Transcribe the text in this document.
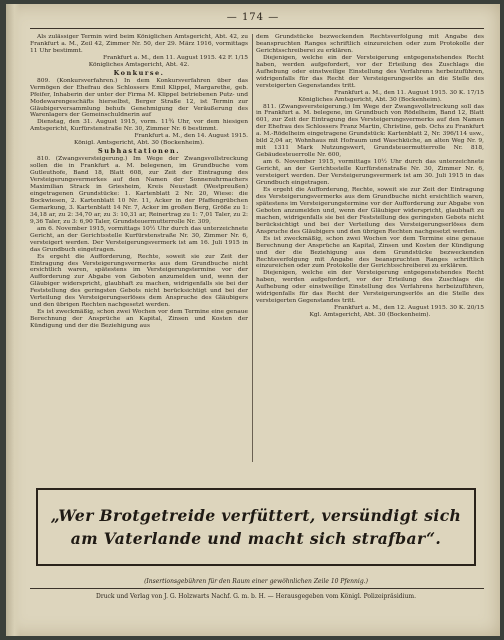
— 174 —

Als zulässiger Termin wird beim Königlichen Amtsgericht, Abt. 42, zu Frankfurt a. M., Zeil 42, Zimmer Nr. 50, der 29. März 1916, vormittags 11 Uhr bestimmt.

Frankfurt a. M., den 11. August 1915. 42 F. 1/15

Königliches Amtsgericht, Abt. 42.

Konkurse.

809. (Konkursverfahren.) In dem Konkursverfahren über das Vermögen der Ehefrau des Schlossers Emil Klippel, Margarethe, geb. Pfeifer, Inhaberin der unter der Firma M. Klippel betriebenen Putz- und Modewarengeschäfts hierselbst, Berger Straße 12, ist Termin zur Gläubigerversammlung behufs Genehmigung der Veräußerung des Warenlagers der Gemeinschuldnerin auf

Dienstag, den 31. August 1915, vorm. 11¾ Uhr, vor dem hiesigen Amtsgericht, Kurfürstenstraße Nr. 30, Zimmer Nr. 6 bestimmt.

Frankfurt a. M., den 14. August 1915.

Königl. Amtsgericht, Abt. 30 (Bockenheim).

Subhastationen.

810. (Zwangsversteigerung.) Im Wege der Zwangsvollstreckung sollen die in Frankfurt a. M. belegenen, im Grundbuche vom Gutleuthofe, Band 18, Blatt 608, zur Zeit der Eintragung des Versteigerungsvermerkes auf den Namen der Sonnenuhrmachers Maximilian Strack in Griesheim, Kreis Neustadt (Westpreußen) eingetragenen Grundstücke: 1. Kartenblatt 2 Nr. 20, Wiese: die Bockwiesen, 2. Kartenblatt 10 Nr. 11, Acker in der Pfaffengrübchen Gemarkung, 3. Kartenblatt 14 Nr. 7, Acker im großen Berg, Größe zu 1: 34,18 ar, zu 2: 34,70 ar, zu 3: 10,31 ar, Reinertrag zu 1: 7,01 Taler, zu 2: 9,36 Taler, zu 3: 6,90 Taler, Grundsteuermutterrolle Nr. 309,

am 6. November 1915, vormittags 10½ Uhr durch das unterzeichnete Gericht, an der Gerichtsstelle Kurfürstenstraße Nr. 30, Zimmer Nr. 6, versteigert werden. Der Versteigerungsvermerk ist am 16. Juli 1915 in das Grundbuch eingetragen.

Es ergeht die Aufforderung, Rechte, soweit sie zur Zeit der Eintragung des Versteigerungsvermerks aus dem Grundbuche nicht ersichtlich waren, spätestens im Versteigerungstermine vor der Aufforderung zur Abgabe von Geboten anzumelden und, wenn der Gläubiger widerspricht, glaubhaft zu machen, widrigenfalls sie bei der Feststellung des geringsten Gebots nicht berücksichtigt und bei der Verteilung des Versteigerungserlöses dem Anspruche des Gläubigers und den übrigen Rechten nachgesetzt werden.

Es ist zweckmäßig, schon zwei Wochen vor dem Termine eine genaue Berechnung der Ansprüche an Kapital, Zinsen und Kosten der Kündigung und der die Beziehigung aus

dem Grundstücke bezweckenden Rechtsverfolgung mit Angabe des beanspruchten Ranges schriftlich einzureichen oder zum Protokolle der Gerichtsschreiberei zu erklären.

Diejenigen, welche ein der Versteigerung entgegenstehendes Recht haben, werden aufgefordert, vor der Erteilung des Zuschlags die Aufhebung oder einstweilige Einstellung des Verfahrens herbeizuführen, widrigenfalls für das Recht der Versteigerungserlös an die Stelle des versteigerten Gegenstandes tritt.

Frankfurt a. M., den 11. August 1915. 30 K. 17/15

Königliches Amtsgericht, Abt. 30 (Bockenheim).

811. (Zwangsversteigerung.) Im Wege der Zwangsvollstreckung soll das in Frankfurt a. M. belegene, im Grundbuch von Rödelheim, Band 12, Blatt 601, zur Zeit der Eintragung des Versteigerungsvermerks auf den Namen der Ehefrau des Schlossers Franz Martin, Christine, geb. Ochs zu Frankfurt a. M.-Rödelheim eingetragene Grundstück: Kartenblatt 2, Nr. 396/114 usw., bild 2,04 ar, Wohnhaus mit Hofraum und Waschküche, an alten Weg Nr. 9, mit 1311 Mark Nutzungswert, Grundsteuermutterrolle Nr. 818, Gebäudesteuerrolle Nr. 600,

am 6. November 1915, vormittags 10½ Uhr durch das unterzeichnete Gericht, an der Gerichtsstelle Kurfürstenstraße Nr. 30, Zimmer Nr. 6, versteigert werden. Der Versteigerungsvermerk ist am 30. Juli 1915 in das Grundbuch eingetragen.

Es ergeht die Aufforderung, Rechte, soweit sie zur Zeit der Eintragung des Versteigerungsvermerks aus dem Grundbuche nicht ersichtlich waren, spätestens im Versteigerungstermine vor der Aufforderung zur Abgabe von Geboten anzumelden und, wenn der Gläubiger widerspricht, glaubhaft zu machen, widrigenfalls sie bei der Feststellung des geringsten Gebots nicht berücksichtigt und bei der Verteilung des Versteigerungserlöses dem Anspruche des Gläubigers und den übrigen Rechten nachgesetzt werden.

Es ist zweckmäßig, schon zwei Wochen vor dem Termine eine genaue Berechnung der Ansprüche an Kapital, Zinsen und Kosten der Kündigung und der die Beziehigung aus dem Grundstücke bezweckenden Rechtsverfolgung mit Angabe des beanspruchten Ranges schriftlich einzureichen oder zum Protokolle der Gerichtsschreiberei zu erklären.

Diejenigen, welche ein der Versteigerung entgegenstehendes Recht haben, werden aufgefordert, vor der Erteilung des Zuschlags die Aufhebung oder einstweilige Einstellung des Verfahrens herbeizuführen, widrigenfalls für das Recht der Versteigerungserlös an die Stelle des versteigerten Gegenstandes tritt.

Frankfurt a. M., den 12. August 1915. 30 K. 20/15

Kgl. Amtsgericht, Abt. 30 (Bockenheim).

„Wer Brotgetreide verfüttert, versündigt sich
am Vaterlande und macht sich strafbar“.
(Insertionsgebühren für den Raum einer gewöhnlichen Zeile 10 Pfennig.)
Druck und Verlag von J. G. Holzwarts Nachf. G. m. b. H. — Herausgegeben vom Königl. Polizeipräsidium.
